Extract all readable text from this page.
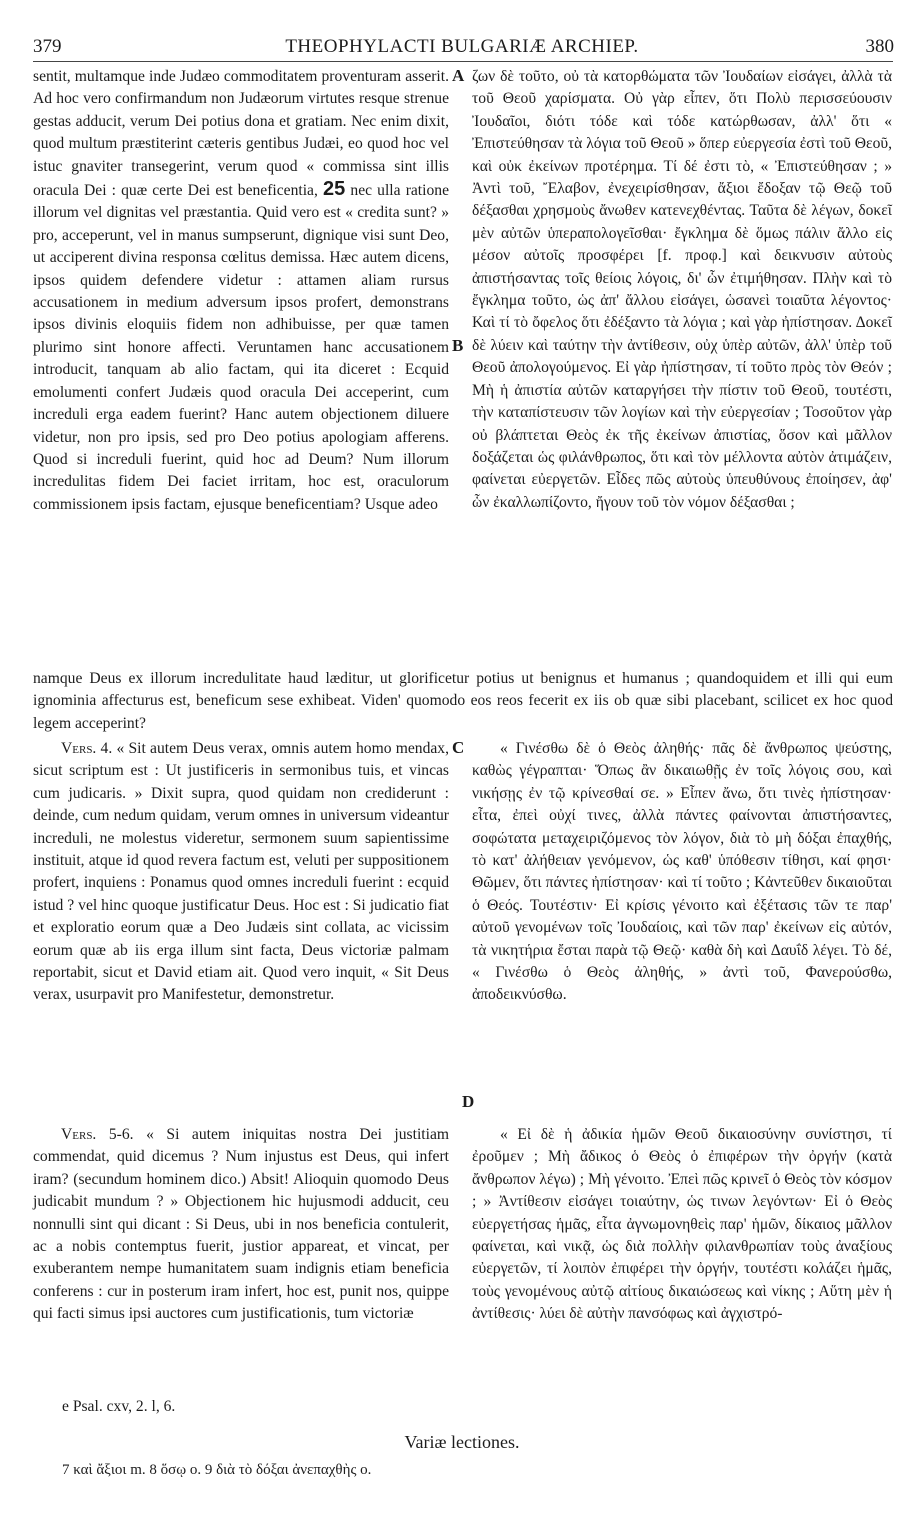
379	THEOPHYLACTI BULGARIÆ ARCHIEP.	380

sentit, multamque inde Judæo commoditatem proventuram asserit. Ad hoc vero confirmandum non Judæorum virtutes resque strenue gestas adducit, verum Dei potius dona et gratiam. Nec enim dixit, quod multum præstiterint cæteris gentibus Judæi, eo quod hoc vel istuc gnaviter transegerint, verum quod « commissa sint illis oracula Dei : quæ certe Dei est beneficentia, 25 nec ulla ratione illorum vel dignitas vel præstantia. Quid vero est « credita sunt? » pro, acceperunt, vel in manus sumpserunt, dignique visi sunt Deo, ut acciperent divina responsa cœlitus demissa. Hæc autem dicens, ipsos quidem defendere videtur : attamen aliam rursus accusationem in medium adversum ipsos profert, demonstrans ipsos divinis eloquiis fidem non adhibuisse, per quæ tamen plurimo sint honore affecti. Veruntamen hanc accusationem introducit, tanquam ab alio factam, qui ita diceret : Ecquid emolumenti confert Judæis quod oracula Dei acceperint, cum increduli erga eadem fuerint? Hanc autem objectionem diluere videtur, non pro ipsis, sed pro Deo potius apologiam afferens. Quod si increduli fuerint, quid hoc ad Deum? Num illorum incredulitas fidem Dei faciet irritam, hoc est, oraculorum commissionem ipsis factam, ejusque beneficentiam? Usque adeo

ζων δὲ τοῦτο, οὐ τὰ κατορθώματα τῶν Ἰουδαίων εἰσάγει, ἀλλὰ τὰ τοῦ Θεοῦ χαρίσματα. Οὐ γὰρ εἶπεν, ὅτι Πολὺ περισσεύουσιν Ἰουδαῖοι, διότι τόδε καὶ τόδε κατώρθωσαν, ἀλλ' ὅτι « Ἐπιστεύθησαν τὰ λόγια τοῦ Θεοῦ » ὅπερ εὐεργεσία ἐστὶ τοῦ Θεοῦ, καὶ οὐκ ἐκείνων προτέρημα. Τί δέ ἐστι τὸ, « Ἐπιστεύθησαν ; » Ἀντὶ τοῦ, Ἔλαβον, ἐνεχειρίσθησαν, ἄξιοι ἔδοξαν τῷ Θεῷ τοῦ δέξασθαι χρησμοὺς ἄνωθεν κατενεχθέντας. Ταῦτα δὲ λέγων, δοκεῖ μὲν αὐτῶν ὑπεραπολογεῖσθαι· ἔγκλημα δὲ ὅμως πάλιν ἄλλο εἰς μέσον αὐτοῖς προσφέρει [f. προφ.] καὶ δεικνυσιν αὐτοὺς ἀπιστήσαντας τοῖς θείοις λόγοις, δι' ὧν ἐτιμήθησαν. Πλὴν καὶ τὸ ἔγκλημα τοῦτο, ὡς ἀπ' ἄλλου εἰσάγει, ὡσανεὶ τοιαῦτα λέγοντος· Καὶ τί τὸ ὄφελος ὅτι ἐδέξαντο τὰ λόγια ; καὶ γὰρ ἠπίστησαν. Δοκεῖ δὲ λύειν καὶ ταύτην τὴν ἀντίθεσιν, οὐχ ὑπὲρ αὐτῶν, ἀλλ' ὑπὲρ τοῦ Θεοῦ ἀπολογούμενος. Εἰ γὰρ ἠπίστησαν, τί τοῦτο πρὸς τὸν Θεόν ; Μὴ ἡ ἀπιστία αὐτῶν καταργήσει τὴν πίστιν τοῦ Θεοῦ, τουτέστι, τὴν καταπίστευσιν τῶν λογίων καὶ τὴν εὐεργεσίαν ; Τοσοῦτον γὰρ οὐ βλάπτεται Θεὸς ἐκ τῆς ἐκείνων ἀπιστίας, ὅσον καὶ μᾶλλον δοξάζεται ὡς φιλάνθρωπος, ὅτι καὶ τὸν μέλλοντα αὐτὸν ἀτιμάζειν, φαίνεται εὐεργετῶν. Εἶδες πῶς αὐτοὺς ὑπευθύνους ἐποίησεν, ἀφ' ὧν ἐκαλλωπίζοντο, ἤγουν τοῦ τὸν νόμον δέξασθαι ;

A
B

namque Deus ex illorum incredulitate haud læditur, ut glorificetur potius ut benignus et humanus ; quandoquidem et illi qui eum ignominia affecturus est, beneficum sese exhibeat. Viden' quomodo eos reos fecerit ex iis ob quæ sibi placebant, scilicet ex hoc quod legem acceperint?

Vers. 4. « Sit autem Deus verax, omnis autem homo mendax, sicut scriptum est : Ut justificeris in sermonibus tuis, et vincas cum judicaris. » Dixit supra, quod quidam non crediderunt : deinde, cum nedum quidam, verum omnes in universum videantur increduli, ne molestus videretur, sermonem suum sapientissime instituit, atque id quod revera factum est, veluti per suppositionem profert, inquiens : Ponamus quod omnes increduli fuerint : ecquid istud ? vel hinc quoque justificatur Deus. Hoc est : Si judicatio fiat et exploratio eorum quæ a Deo Judæis sint collata, ac vicissim eorum quæ ab iis erga illum sint facta, Deus victoriæ palmam reportabit, sicut et David etiam ait. Quod vero inquit, « Sit Deus verax, usurpavit pro Manifestetur, demonstretur.

C	« Γινέσθω δὲ ὁ Θεὸς ἀληθής· πᾶς δὲ ἄνθρωπος ψεύστης, καθὼς γέγραπται· Ὅπως ἂν δικαιωθῇς ἐν τοῖς λόγοις σου, καὶ νικήσῃς ἐν τῷ κρίνεσθαί σε. » Εἶπεν ἄνω, ὅτι τινὲς ἠπίστησαν· εἶτα, ἐπεὶ οὐχί τινες, ἀλλὰ πάντες φαίνονται ἀπιστήσαντες, σοφώτατα μεταχειριζόμενος τὸν λόγον, διὰ τὸ μὴ δόξαι ἐπαχθής, τὸ κατ' ἀλήθειαν γενόμενον, ὡς καθ' ὑπόθεσιν τίθησι, καί φησι· Θῶμεν, ὅτι πάντες ἠπίστησαν· καὶ τί τοῦτο ; Κἀντεῦθεν δικαιοῦται ὁ Θεός. Τουτέστιν· Εἰ κρίσις γένοιτο καὶ ἐξέτασις τῶν τε παρ' αὐτοῦ γενομένων τοῖς Ἰουδαίοις, καὶ τῶν παρ' ἐκείνων εἰς αὐτόν, τὰ νικητήρια ἔσται παρὰ τῷ Θεῷ· καθὰ δὴ καὶ Δαυΐδ λέγει. Τὸ δέ, « Γινέσθω ὁ Θεὸς ἀληθής, » ἀντὶ τοῦ, Φανερούσθω, ἀποδεικνύσθω.

D

Vers. 5-6. « Si autem iniquitas nostra Dei justitiam commendat, quid dicemus ? Num injustus est Deus, qui infert iram? (secundum hominem dico.) Absit! Alioquin quomodo Deus judicabit mundum ? » Objectionem hic hujusmodi adducit, ceu nonnulli sint qui dicant : Si Deus, ubi in nos beneficia contulerit, ac a nobis contemptus fuerit, justior appareat, et vincat, per exuberantem nempe humanitatem suam indignis etiam beneficia conferens : cur in posterum iram infert, hoc est, punit nos, quippe qui facti simus ipsi auctores cum justificationis, tum victoriæ

« Εἰ δὲ ἡ ἀδικία ἡμῶν Θεοῦ δικαιοσύνην συνίστησι, τί ἐροῦμεν ; Μὴ ἄδικος ὁ Θεὸς ὁ ἐπιφέρων τὴν ὀργήν (κατὰ ἄνθρωπον λέγω) ; Μὴ γένοιτο. Ἐπεὶ πῶς κρινεῖ ὁ Θεὸς τὸν κόσμον ; » Ἀντίθεσιν εἰσάγει τοιαύτην, ὡς τινων λεγόντων· Εἰ ὁ Θεὸς εὐεργετήσας ἡμᾶς, εἶτα ἀγνωμονηθεὶς παρ' ἡμῶν, δίκαιος μᾶλλον φαίνεται, καὶ νικᾷ, ὡς διὰ πολλὴν φιλανθρωπίαν τοὺς ἀναξίους εὐεργετῶν, τί λοιπὸν ἐπιφέρει τὴν ὀργήν, τουτέστι κολάζει ἡμᾶς, τοὺς γενομένους αὐτῷ αἰτίους δικαιώσεως καὶ νίκης ; Αὕτη μὲν ἡ ἀντίθεσις· λύει δὲ αὐτὴν πανσόφως καὶ ἀγχιστρό-

e Psal. cxv, 2. l, 6.
Variæ lectiones.
7 καὶ ἄξιοι m. 8 ὅσῳ o. 9 διὰ τὸ δόξαι ἀνεπαχθὴς o.
